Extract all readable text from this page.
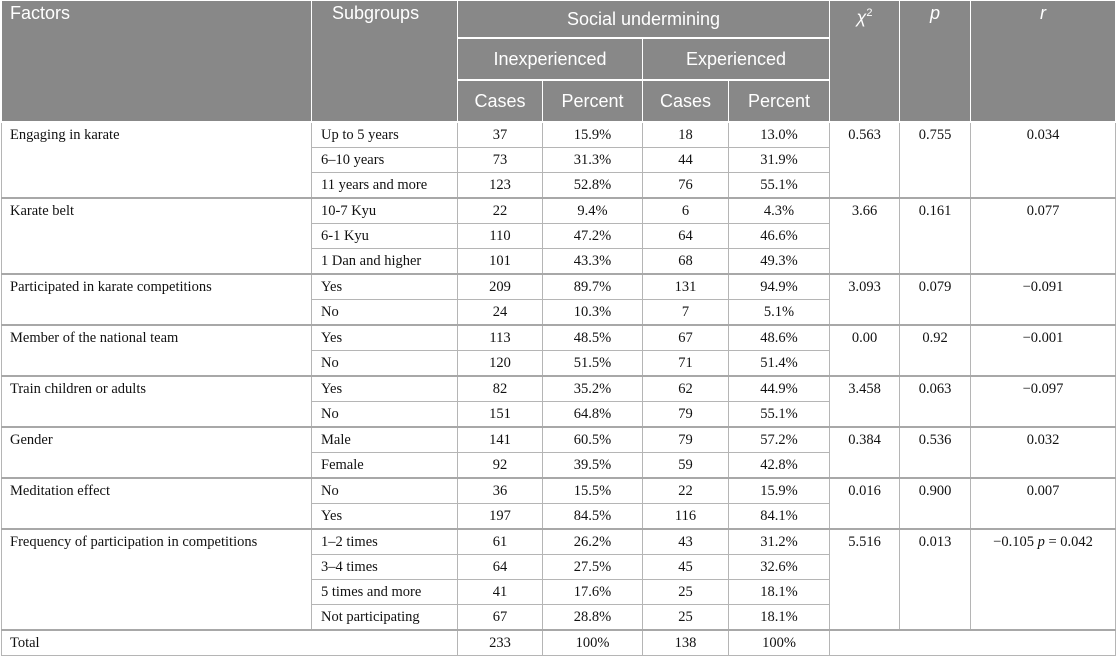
Factors	Subgroups	Social undermining				$\chi^2$	p	r
		Inexperienced		Experienced				
		Cases	Percent	Cases	Percent			
Engaging in karate	Up to 5 years	37	15.9%	18	13.0%	0.563	0.755	0.034
	6–10 years	73	31.3%	44	31.9%			
	11 years and more	123	52.8%	76	55.1%			
Karate belt	10-7 Kyu	22	9.4%	6	4.3%	3.66	0.161	0.077
	6-1 Kyu	110	47.2%	64	46.6%			
	1 Dan and higher	101	43.3%	68	49.3%			
Participated in karate competitions	Yes	209	89.7%	131	94.9%	3.093	0.079	−0.091
	No	24	10.3%	7	5.1%			
Member of the national team	Yes	113	48.5%	67	48.6%	0.00	0.92	−0.001
	No	120	51.5%	71	51.4%			
Train children or adults	Yes	82	35.2%	62	44.9%	3.458	0.063	−0.097
	No	151	64.8%	79	55.1%			
Gender	Male	141	60.5%	79	57.2%	0.384	0.536	0.032
	Female	92	39.5%	59	42.8%			
Meditation effect	No	36	15.5%	22	15.9%	0.016	0.900	0.007
	Yes	197	84.5%	116	84.1%			
Frequency of participation in competitions	1–2 times	61	26.2%	43	31.2%	5.516	0.013	−0.105 p = 0.042
	3–4 times	64	27.5%	45	32.6%			
	5 times and more	41	17.6%	25	18.1%			
	Not participating	67	28.8%	25	18.1%			
Total		233	100%	138	100%			
